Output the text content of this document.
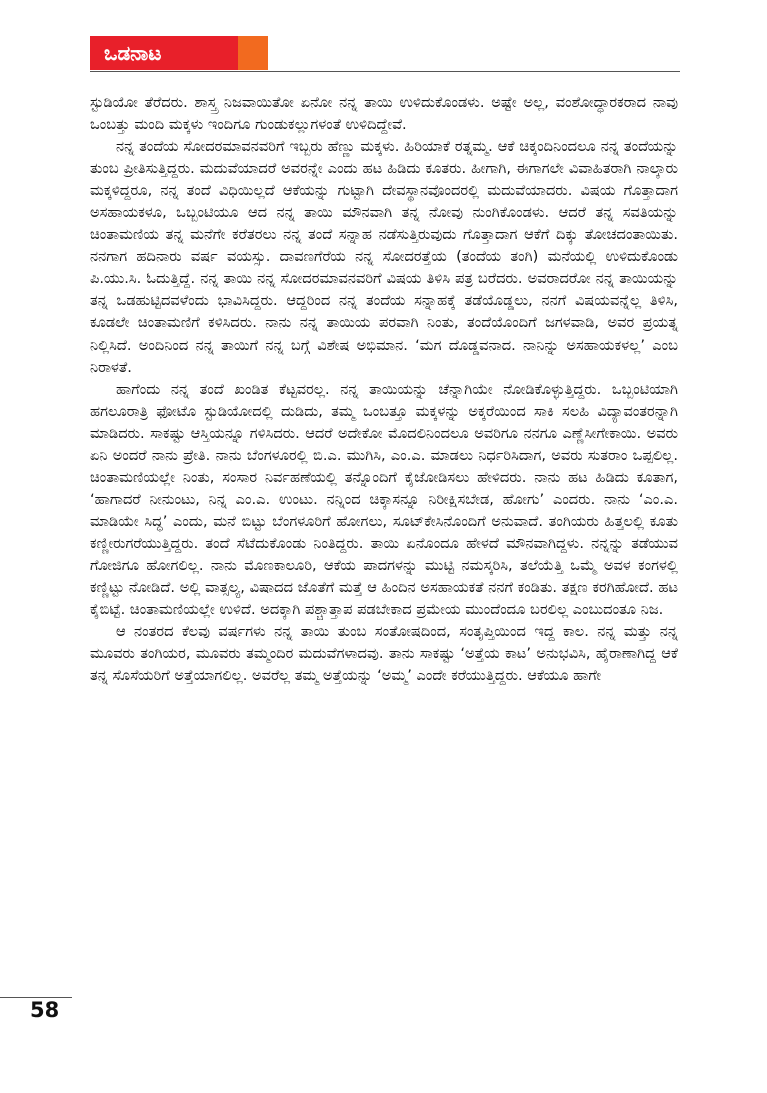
ಒಡನಾಟ

ಸ್ಟುಡಿಯೋ ತೆರೆದರು. ಶಾಸ್ತ್ರ ನಿಜವಾಯಿತೋ ಏನೋ ನನ್ನ ತಾಯಿ ಉಳಿದುಕೊಂಡಳು. ಅಷ್ಟೇ ಅಲ್ಲ, ವಂಶೋದ್ಧಾರಕರಾದ ನಾವು ಒಂಬತ್ತು ಮಂದಿ ಮಕ್ಕಳು ಇಂದಿಗೂ ಗುಂಡುಕಲ್ಲುಗಳಂತೆ ಉಳಿದಿದ್ದೇವೆ.

ನನ್ನ ತಂದೆಯ ಸೋದರಮಾವನವರಿಗೆ ಇಬ್ಬರು ಹೆಣ್ಣು ಮಕ್ಕಳು. ಹಿರಿಯಾಕೆ ರತ್ನಮ್ಮ. ಆಕೆ ಚಿಕ್ಕಂದಿನಿಂದಲೂ ನನ್ನ ತಂದೆಯನ್ನು ತುಂಬ ಪ್ರೀತಿಸುತ್ತಿದ್ದರು. ಮದುವೆಯಾದರೆ ಅವರನ್ನೇ ಎಂದು ಹಟ ಹಿಡಿದು ಕೂತರು. ಹೀಗಾಗಿ, ಈಗಾಗಲೇ ವಿವಾಹಿತರಾಗಿ ನಾಲ್ಕಾರು ಮಕ್ಕಳಿದ್ದರೂ, ನನ್ನ ತಂದೆ ವಿಧಿಯಿಲ್ಲದೆ ಆಕೆಯನ್ನು ಗುಟ್ಟಾಗಿ ದೇವಸ್ಥಾನವೊಂದರಲ್ಲಿ ಮದುವೆಯಾದರು. ವಿಷಯ ಗೊತ್ತಾದಾಗ ಅಸಹಾಯಕಳೂ, ಒಬ್ಬಂಟಿಯೂ ಆದ ನನ್ನ ತಾಯಿ ಮೌನವಾಗಿ ತನ್ನ ನೋವು ನುಂಗಿಕೊಂಡಳು. ಆದರೆ ತನ್ನ ಸವತಿಯನ್ನು ಚಿಂತಾಮಣಿಯ ತನ್ನ ಮನೆಗೇ ಕರೆತರಲು ನನ್ನ ತಂದೆ ಸನ್ನಾಹ ನಡೆಸುತ್ತಿರುವುದು ಗೊತ್ತಾದಾಗ ಆಕೆಗೆ ದಿಕ್ಕು ತೋಚದಂತಾಯಿತು. ನನಗಾಗ ಹದಿನಾರು ವರ್ಷ ವಯಸ್ಸು. ದಾವಣಗೆರೆಯ ನನ್ನ ಸೋದರತ್ತೆಯ (ತಂದೆಯ ತಂಗಿ) ಮನೆಯಲ್ಲಿ ಉಳಿದುಕೊಂಡು ಪಿ.ಯು.ಸಿ. ಓದುತ್ತಿದ್ದೆ. ನನ್ನ ತಾಯಿ ನನ್ನ ಸೋದರಮಾವನವರಿಗೆ ವಿಷಯ ತಿಳಿಸಿ ಪತ್ರ ಬರೆದರು. ಅವರಾದರೋ ನನ್ನ ತಾಯಿಯನ್ನು ತನ್ನ ಒಡಹುಟ್ಟಿದವಳೆಂದು ಭಾವಿಸಿದ್ದರು. ಆದ್ದರಿಂದ ನನ್ನ ತಂದೆಯ ಸನ್ನಾಹಕ್ಕೆ ತಡೆಯೊಡ್ಡಲು, ನನಗೆ ವಿಷಯವನ್ನೆಲ್ಲ ತಿಳಿಸಿ, ಕೂಡಲೇ ಚಿಂತಾಮಣಿಗೆ ಕಳಿಸಿದರು. ನಾನು ನನ್ನ ತಾಯಿಯ ಪರವಾಗಿ ನಿಂತು, ತಂದೆಯೊಂದಿಗೆ ಜಗಳವಾಡಿ, ಅವರ ಪ್ರಯತ್ನ ನಿಲ್ಲಿಸಿದೆ. ಅಂದಿನಿಂದ ನನ್ನ ತಾಯಿಗೆ ನನ್ನ ಬಗ್ಗೆ ವಿಶೇಷ ಅಭಿಮಾನ. ‘ಮಗ ದೊಡ್ಡವನಾದ. ನಾನಿನ್ನು ಅಸಹಾಯಕಳಲ್ಲ’ ಎಂಬ ನಿರಾಳತೆ.

ಹಾಗೆಂದು ನನ್ನ ತಂದೆ ಖಂಡಿತ ಕೆಟ್ಟವರಲ್ಲ. ನನ್ನ ತಾಯಿಯನ್ನು ಚೆನ್ನಾಗಿಯೇ ನೋಡಿಕೊಳ್ಳುತ್ತಿದ್ದರು. ಒಬ್ಬಂಟಿಯಾಗಿ ಹಗಲೂರಾತ್ರಿ ಫೋಟೊ ಸ್ಟುಡಿಯೋದಲ್ಲಿ ದುಡಿದು, ತಮ್ಮ ಒಂಬತ್ತೂ ಮಕ್ಕಳನ್ನು ಅಕ್ಕರೆಯಿಂದ ಸಾಕಿ ಸಲಹಿ ವಿದ್ಯಾವಂತರನ್ನಾಗಿ ಮಾಡಿದರು. ಸಾಕಷ್ಟು ಆಸ್ತಿಯನ್ನೂ ಗಳಿಸಿದರು. ಆದರೆ ಅದೇಕೋ ಮೊದಲಿನಿಂದಲೂ ಅವರಿಗೂ ನನಗೂ ಎಣ್ಣೆಸೀಗೇಕಾಯಿ. ಅವರು ಏನಿ ಅಂದರೆ ನಾನು ಪ್ರೇತಿ. ನಾನು ಬೆಂಗಳೂರಲ್ಲಿ ಬಿ.ಎ. ಮುಗಿಸಿ, ಎಂ.ಎ. ಮಾಡಲು ನಿರ್ಧರಿಸಿದಾಗ, ಅವರು ಸುತರಾಂ ಒಪ್ಪಲಿಲ್ಲ. ಚಿಂತಾಮಣಿಯಲ್ಲೇ ನಿಂತು, ಸಂಸಾರ ನಿರ್ವಹಣೆಯಲ್ಲಿ ತನ್ನೊಂದಿಗೆ ಕೈಜೋಡಿಸಲು ಹೇಳಿದರು. ನಾನು ಹಟ ಹಿಡಿದು ಕೂತಾಗ, ‘ಹಾಗಾದರೆ ನೀನುಂಟು, ನಿನ್ನ ಎಂ.ಎ. ಉಂಟು. ನನ್ನಿಂದ ಚಿಕ್ಕಾಸನ್ನೂ ನಿರೀಕ್ಷಿಸಬೇಡ, ಹೋಗು’ ಎಂದರು. ನಾನು ‘ಎಂ.ಎ. ಮಾಡಿಯೇ ಸಿದ್ಧ’ ಎಂದು, ಮನೆ ಬಿಟ್ಟು ಬೆಂಗಳೂರಿಗೆ ಹೋಗಲು, ಸೂಟ್‌ಕೇಸಿನೊಂದಿಗೆ ಅನುವಾದೆ. ತಂಗಿಯರು ಹಿತ್ತಲಲ್ಲಿ ಕೂತು ಕಣ್ಣೀರುಗರೆಯುತ್ತಿದ್ದರು. ತಂದೆ ಸೆಟೆದುಕೊಂಡು ನಿಂತಿದ್ದರು. ತಾಯಿ ಏನೊಂದೂ ಹೇಳದೆ ಮೌನವಾಗಿದ್ದಳು. ನನ್ನನ್ನು ತಡೆಯುವ ಗೋಜಿಗೂ ಹೋಗಲಿಲ್ಲ. ನಾನು ಮೊಣಕಾಲೂರಿ, ಆಕೆಯ ಪಾದಗಳನ್ನು ಮುಟ್ಟಿ ನಮಸ್ಕರಿಸಿ, ತಲೆಯೆತ್ತಿ ಒಮ್ಮೆ ಅವಳ ಕಂಗಳಲ್ಲಿ ಕಣ್ಣಿಟ್ಟು ನೋಡಿದೆ. ಅಲ್ಲಿ ವಾತ್ಸಲ್ಯ, ವಿಷಾದದ ಜೊತೆಗೆ ಮತ್ತೆ ಆ ಹಿಂದಿನ ಅಸಹಾಯಕತೆ ನನಗೆ ಕಂಡಿತು. ತಕ್ಷಣ ಕರಗಿಹೋದೆ. ಹಟ ಕೈಬಿಟ್ಟೆ. ಚಿಂತಾಮಣಿಯಲ್ಲೇ ಉಳಿದೆ. ಅದಕ್ಕಾಗಿ ಪಶ್ಚಾತ್ತಾಪ ಪಡಬೇಕಾದ ಪ್ರಮೇಯ ಮುಂದೆಂದೂ ಬರಲಿಲ್ಲ ಎಂಬುದಂತೂ ನಿಜ.

ಆ ನಂತರದ ಕೆಲವು ವರ್ಷಗಳು ನನ್ನ ತಾಯಿ ತುಂಬ ಸಂತೋಷದಿಂದ, ಸಂತೃಪ್ತಿಯಿಂದ ಇದ್ದ ಕಾಲ. ನನ್ನ ಮತ್ತು ನನ್ನ ಮೂವರು ತಂಗಿಯರ, ಮೂವರು ತಮ್ಮಂದಿರ ಮದುವೆಗಳಾದವು. ತಾನು ಸಾಕಷ್ಟು ‘ಅತ್ತೆಯ ಕಾಟ’ ಅನುಭವಿಸಿ, ಹೈರಾಣಾಗಿದ್ದ ಆಕೆ ತನ್ನ ಸೊಸೆಯರಿಗೆ ಅತ್ತೆಯಾಗಲಿಲ್ಲ. ಅವರೆಲ್ಲ ತಮ್ಮ ಅತ್ತೆಯನ್ನು ‘ಅಮ್ಮ’ ಎಂದೇ ಕರೆಯುತ್ತಿದ್ದರು. ಆಕೆಯೂ ಹಾಗೇ

58
